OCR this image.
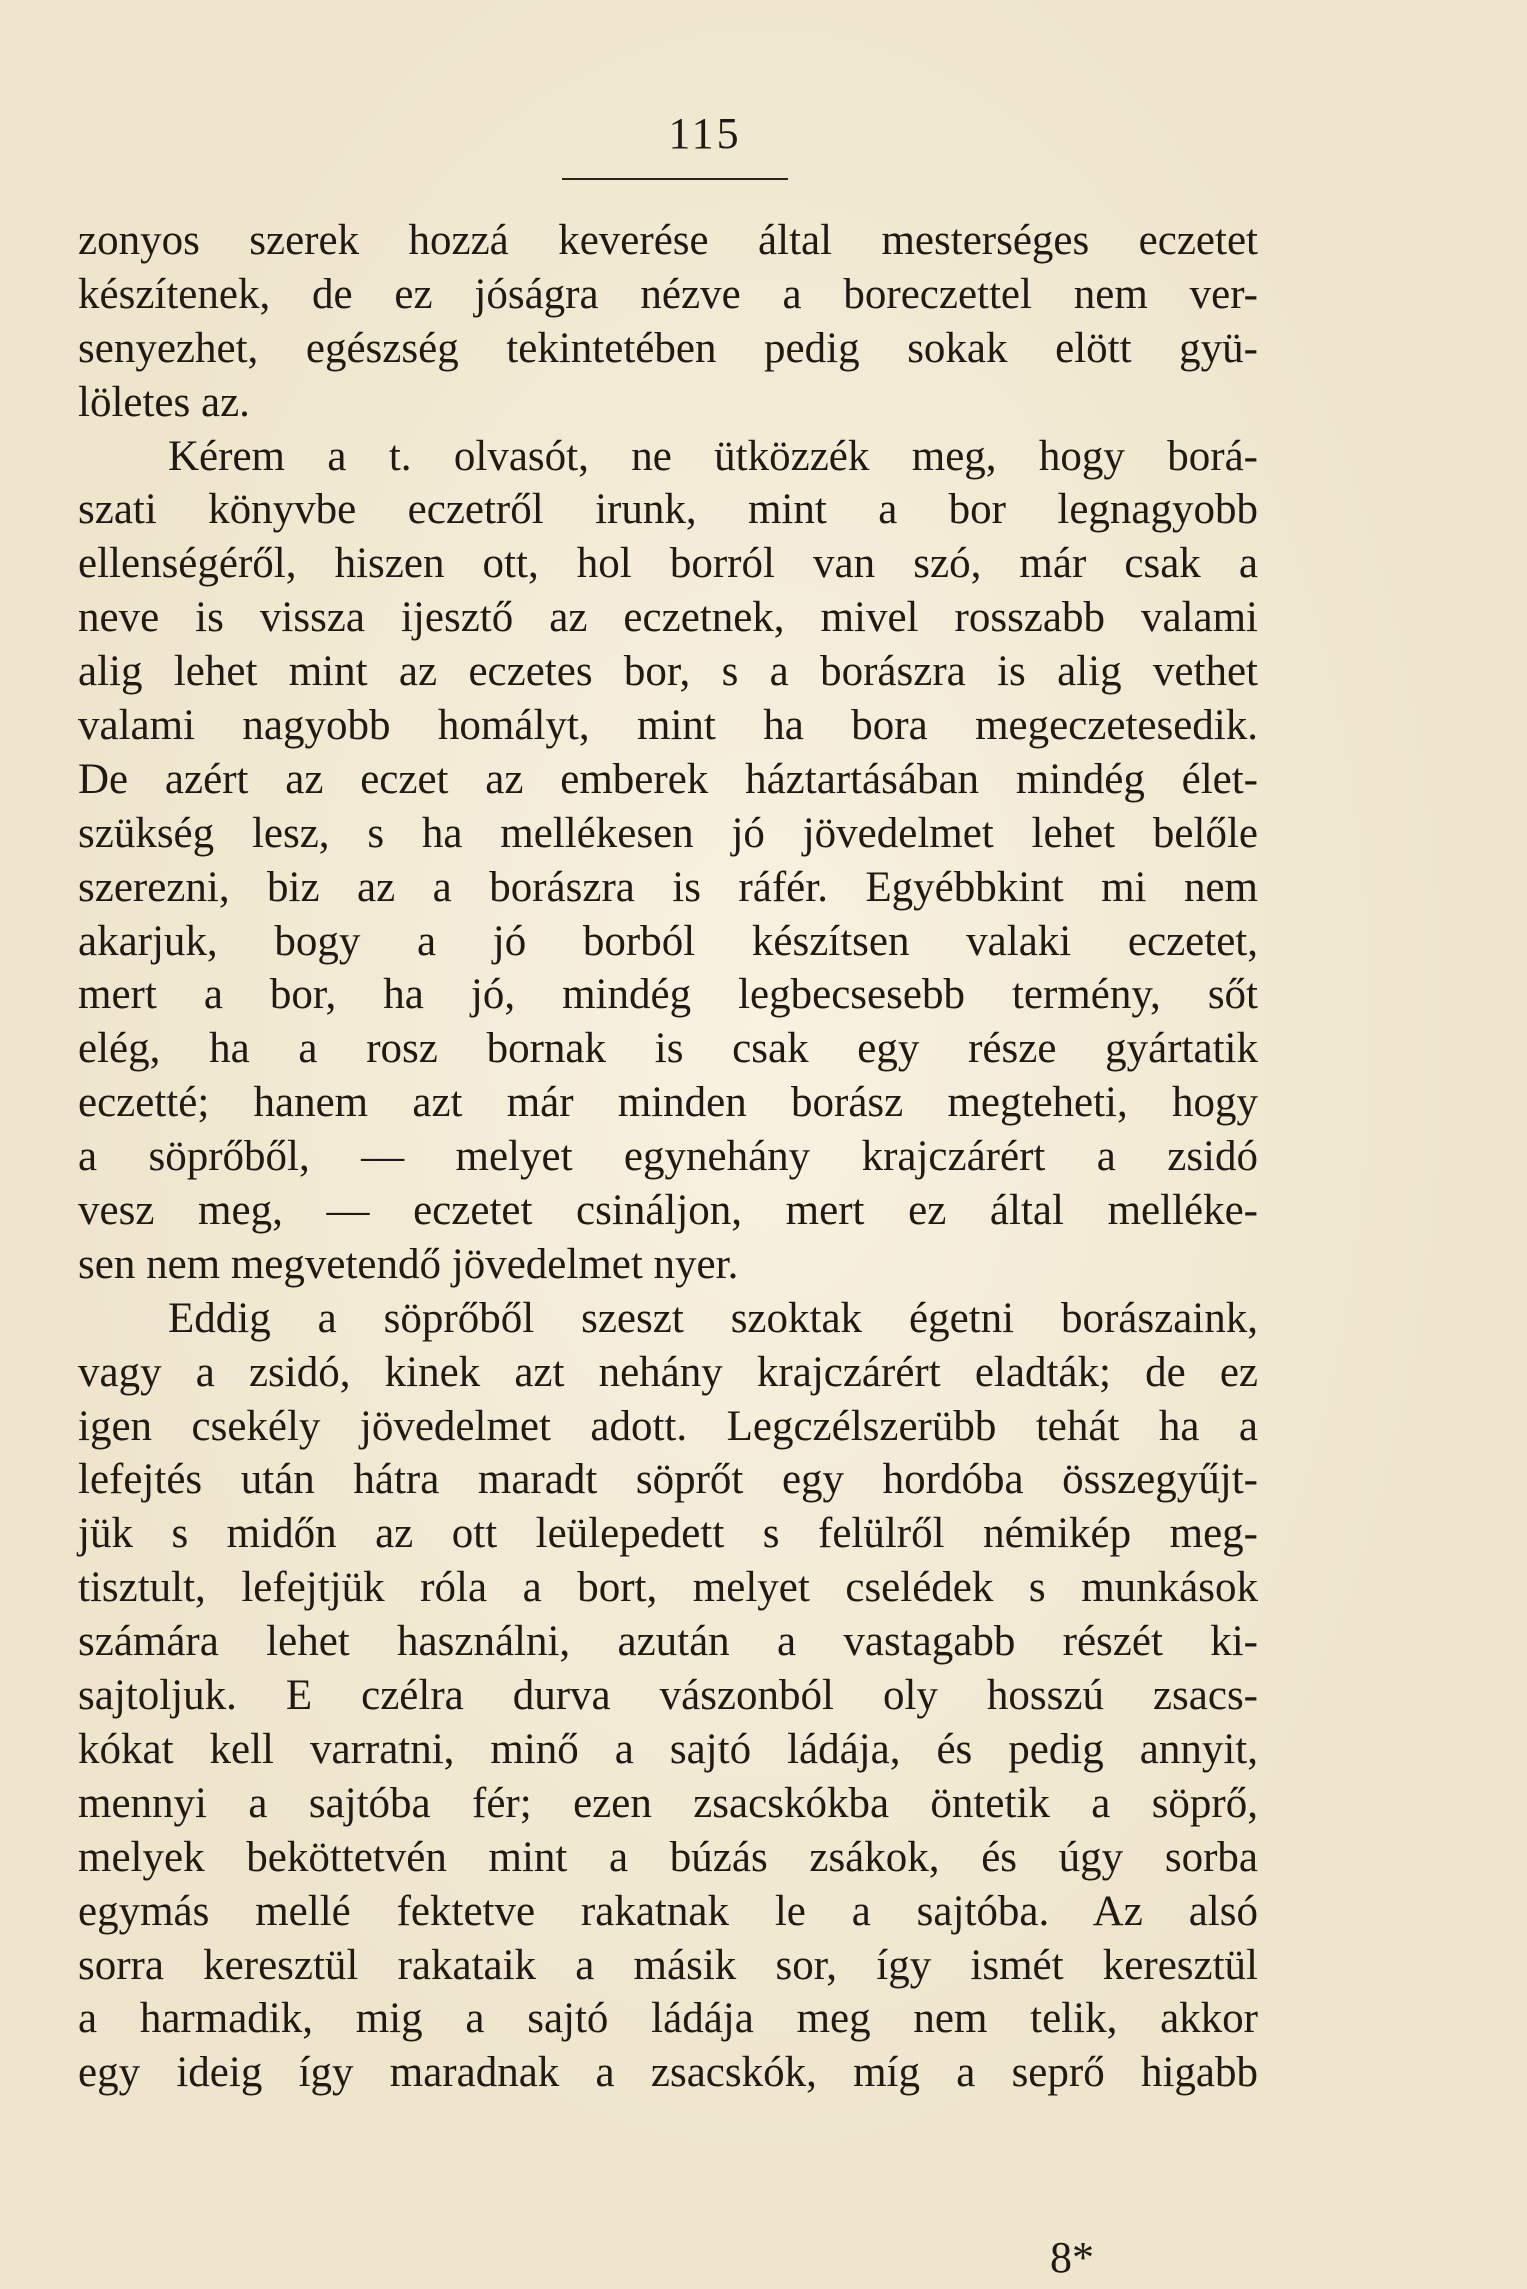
115
zonyos szerek hozzá keverése által mesterséges eczetet
készítenek, de ez jóságra nézve a boreczettel nem ver-
senyezhet, egészség tekintetében pedig sokak elött gyü-
löletes az.
Kérem a t. olvasót, ne ütközzék meg, hogy borá-
szati könyvbe eczetről irunk, mint a bor legnagyobb
ellenségéről, hiszen ott, hol borról van szó, már csak a
neve is vissza ijesztő az eczetnek, mivel rosszabb valami
alig lehet mint az eczetes bor, s a borászra is alig vethet
valami nagyobb homályt, mint ha bora megeczetesedik.
De azért az eczet az emberek háztartásában mindég élet-
szükség lesz, s ha mellékesen jó jövedelmet lehet belőle
szerezni, biz az a borászra is ráfér. Egyébbkint mi nem
akarjuk, bogy a jó borból készítsen valaki eczetet,
mert a bor, ha jó, mindég legbecsesebb termény, sőt
elég, ha a rosz bornak is csak egy része gyártatik
eczetté; hanem azt már minden borász megteheti, hogy
a söprőből, — melyet egynehány krajczárért a zsidó
vesz meg, — eczetet csináljon, mert ez által melléke-
sen nem megvetendő jövedelmet nyer.
Eddig a söprőből szeszt szoktak égetni borászaink,
vagy a zsidó, kinek azt nehány krajczárért eladták; de ez
igen csekély jövedelmet adott. Legczélszerübb tehát ha a
lefejtés után hátra maradt söprőt egy hordóba összegyűjt-
jük s midőn az ott leülepedett s felülről némikép meg-
tisztult, lefejtjük róla a bort, melyet cselédek s munkások
számára lehet használni, azután a vastagabb részét ki-
sajtoljuk. E czélra durva vászonból oly hosszú zsacs-
kókat kell varratni, minő a sajtó ládája, és pedig annyit,
mennyi a sajtóba fér; ezen zsacskókba öntetik a söprő,
melyek beköttetvén mint a búzás zsákok, és úgy sorba
egymás mellé fektetve rakatnak le a sajtóba. Az alsó
sorra keresztül rakataik a másik sor, így ismét keresztül
a harmadik, mig a sajtó ládája meg nem telik, akkor
egy ideig így maradnak a zsacskók, míg a seprő higabb
8*
